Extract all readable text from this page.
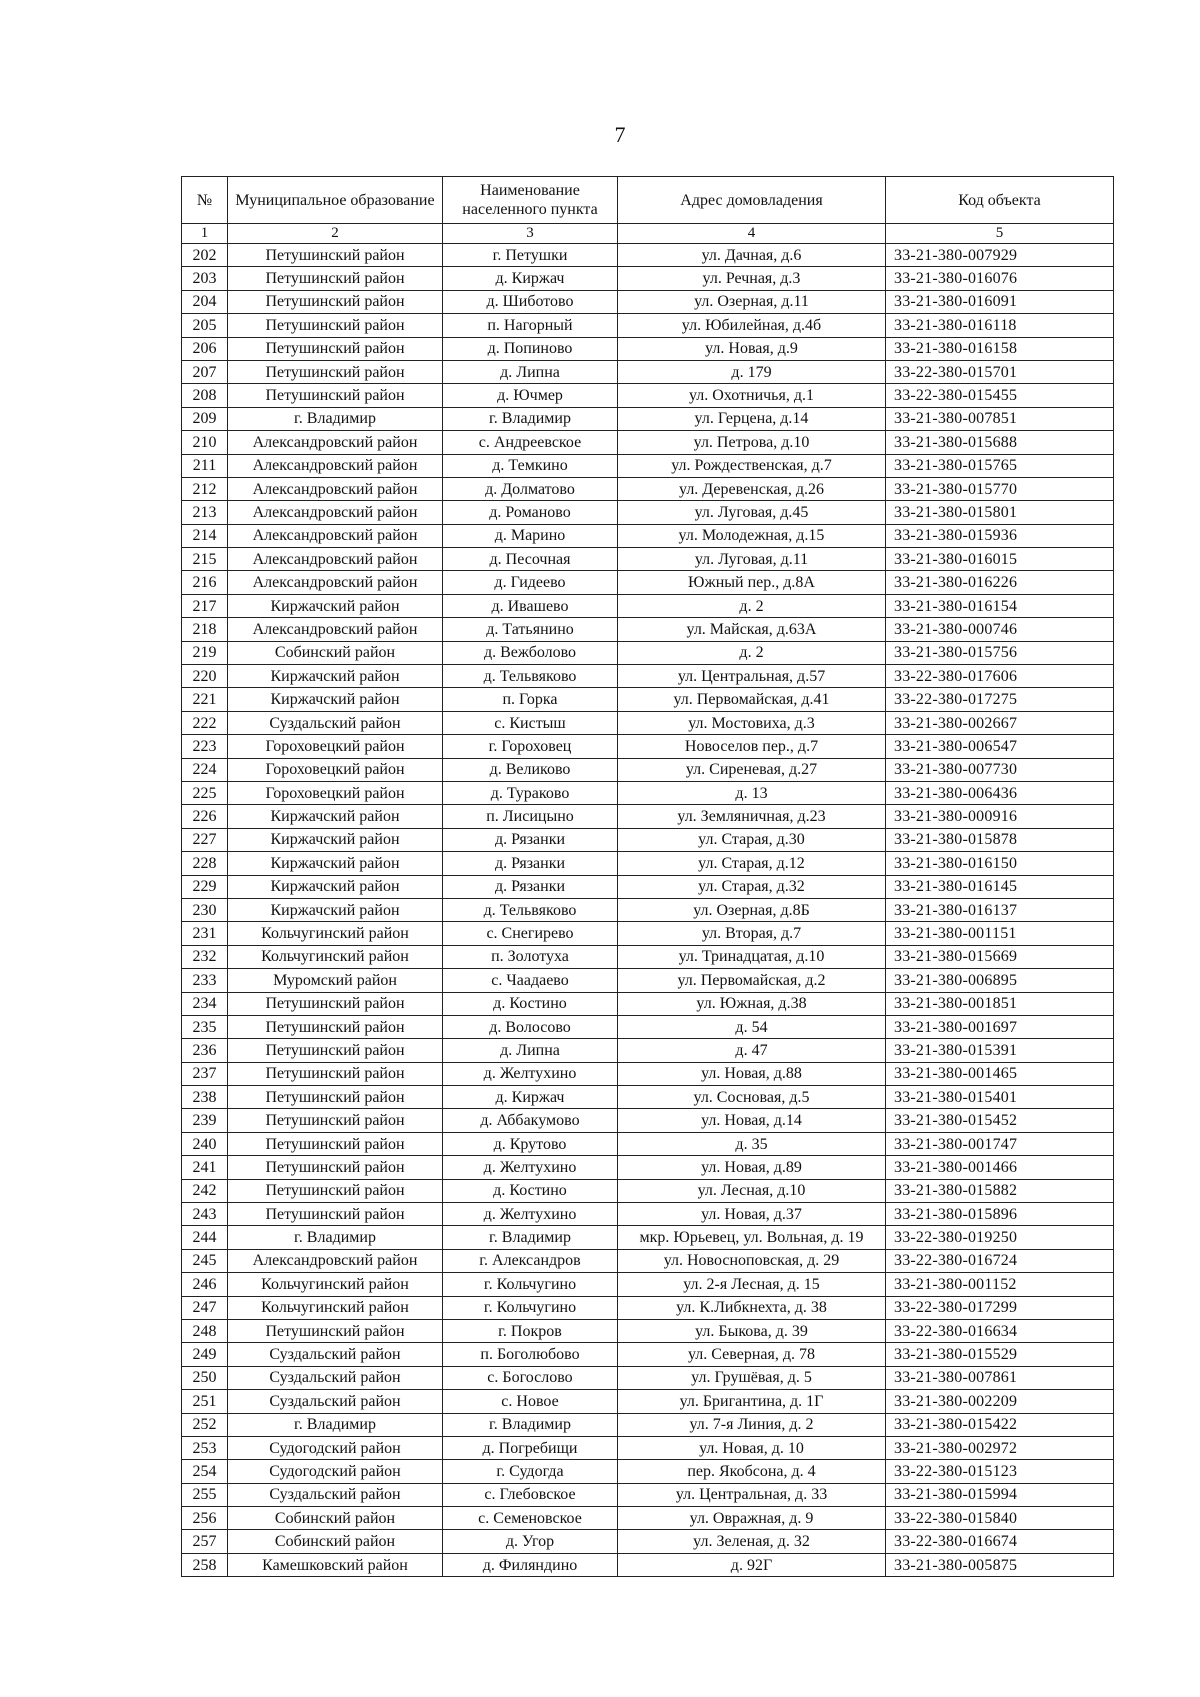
7
№	Муниципальное образование	Наименование населенного пункта	Адрес домовладения	Код объекта
1	2	3	4	5
202	Петушинский район	г. Петушки	ул. Дачная, д.6	33-21-380-007929
203	Петушинский район	д. Киржач	ул. Речная, д.3	33-21-380-016076
204	Петушинский район	д. Шиботово	ул. Озерная, д.11	33-21-380-016091
205	Петушинский район	п. Нагорный	ул. Юбилейная, д.4б	33-21-380-016118
206	Петушинский район	д. Попиново	ул. Новая, д.9	33-21-380-016158
207	Петушинский район	д. Липна	д. 179	33-22-380-015701
208	Петушинский район	д. Ючмер	ул. Охотничья, д.1	33-22-380-015455
209	г. Владимир	г. Владимир	ул. Герцена, д.14	33-21-380-007851
210	Александровский район	с. Андреевское	ул. Петрова, д.10	33-21-380-015688
211	Александровский район	д. Темкино	ул. Рождественская, д.7	33-21-380-015765
212	Александровский район	д. Долматово	ул. Деревенская, д.26	33-21-380-015770
213	Александровский район	д. Романово	ул. Луговая, д.45	33-21-380-015801
214	Александровский район	д. Марино	ул. Молодежная, д.15	33-21-380-015936
215	Александровский район	д. Песочная	ул. Луговая, д.11	33-21-380-016015
216	Александровский район	д. Гидеево	Южный пер., д.8А	33-21-380-016226
217	Киржачский район	д. Ивашево	д. 2	33-21-380-016154
218	Александровский район	д. Татьянино	ул. Майская, д.63А	33-21-380-000746
219	Собинский район	д. Вежболово	д. 2	33-21-380-015756
220	Киржачский район	д. Тельвяково	ул. Центральная, д.57	33-22-380-017606
221	Киржачский район	п. Горка	ул. Первомайская, д.41	33-22-380-017275
222	Суздальский район	с. Кистыш	ул. Мостовиха, д.3	33-21-380-002667
223	Гороховецкий район	г. Гороховец	Новоселов пер., д.7	33-21-380-006547
224	Гороховецкий район	д. Великово	ул. Сиреневая, д.27	33-21-380-007730
225	Гороховецкий район	д. Тураково	д. 13	33-21-380-006436
226	Киржачский район	п. Лисицыно	ул. Земляничная, д.23	33-21-380-000916
227	Киржачский район	д. Рязанки	ул. Старая, д.30	33-21-380-015878
228	Киржачский район	д. Рязанки	ул. Старая, д.12	33-21-380-016150
229	Киржачский район	д. Рязанки	ул. Старая, д.32	33-21-380-016145
230	Киржачский район	д. Тельвяково	ул. Озерная, д.8Б	33-21-380-016137
231	Кольчугинский район	с. Снегирево	ул. Вторая, д.7	33-21-380-001151
232	Кольчугинский район	п. Золотуха	ул. Тринадцатая, д.10	33-21-380-015669
233	Муромский район	с. Чаадаево	ул. Первомайская, д.2	33-21-380-006895
234	Петушинский район	д. Костино	ул. Южная, д.38	33-21-380-001851
235	Петушинский район	д. Волосово	д. 54	33-21-380-001697
236	Петушинский район	д. Липна	д. 47	33-21-380-015391
237	Петушинский район	д. Желтухино	ул. Новая, д.88	33-21-380-001465
238	Петушинский район	д. Киржач	ул. Сосновая, д.5	33-21-380-015401
239	Петушинский район	д. Аббакумово	ул. Новая, д.14	33-21-380-015452
240	Петушинский район	д. Крутово	д. 35	33-21-380-001747
241	Петушинский район	д. Желтухино	ул. Новая, д.89	33-21-380-001466
242	Петушинский район	д. Костино	ул. Лесная, д.10	33-21-380-015882
243	Петушинский район	д. Желтухино	ул. Новая, д.37	33-21-380-015896
244	г. Владимир	г. Владимир	мкр. Юрьевец, ул. Вольная, д. 19	33-22-380-019250
245	Александровский район	г. Александров	ул. Новосноповская, д. 29	33-22-380-016724
246	Кольчугинский район	г. Кольчугино	ул. 2-я Лесная, д. 15	33-21-380-001152
247	Кольчугинский район	г. Кольчугино	ул. К.Либкнехта, д. 38	33-22-380-017299
248	Петушинский район	г. Покров	ул. Быкова, д. 39	33-22-380-016634
249	Суздальский район	п. Боголюбово	ул. Северная, д. 78	33-21-380-015529
250	Суздальский район	с. Богослово	ул. Грушёвая, д. 5	33-21-380-007861
251	Суздальский район	с. Новое	ул. Бригантина, д. 1Г	33-21-380-002209
252	г. Владимир	г. Владимир	ул. 7-я Линия, д. 2	33-21-380-015422
253	Судогодский район	д. Погребищи	ул. Новая, д. 10	33-21-380-002972
254	Судогодский район	г. Судогда	пер. Якобсона, д. 4	33-22-380-015123
255	Суздальский район	с. Глебовское	ул. Центральная, д. 33	33-21-380-015994
256	Собинский район	с. Семеновское	ул. Овражная, д. 9	33-22-380-015840
257	Собинский район	д. Угор	ул. Зеленая, д. 32	33-22-380-016674
258	Камешковский район	д. Филяндино	д. 92Г	33-21-380-005875
